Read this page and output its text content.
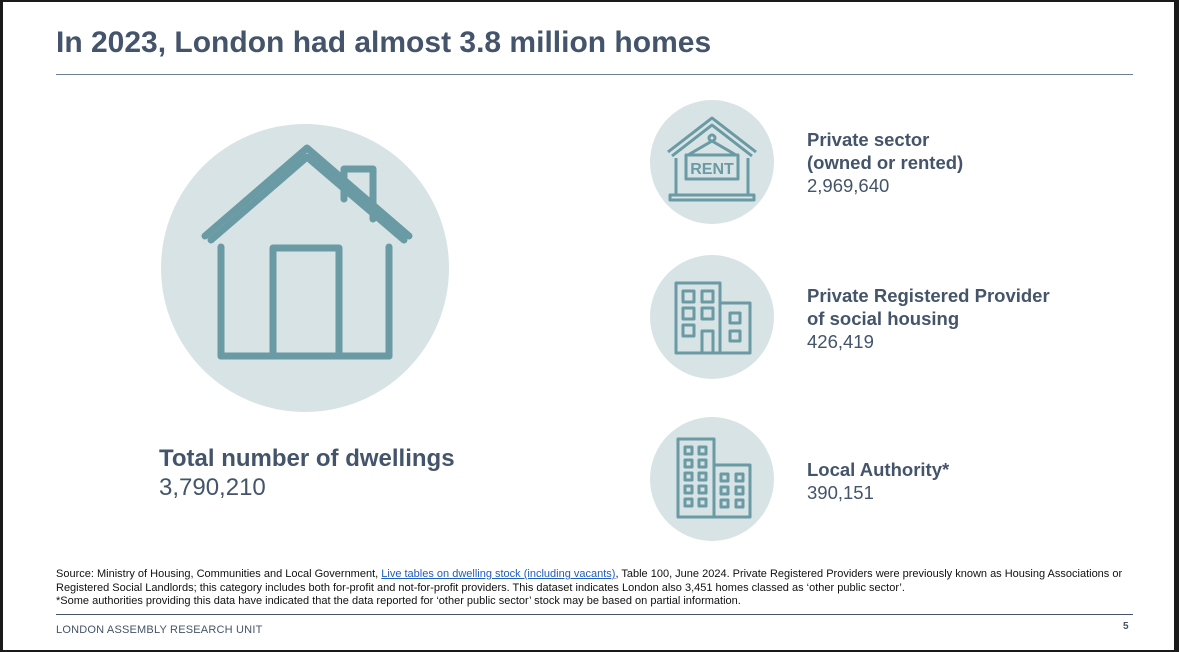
In 2023, London had almost 3.8 million homes
Total number of dwellings
3,790,210
RENT
Private sector
(owned or rented)
2,969,640
Private Registered Provider
of social housing
426,419
Local Authority*
390,151
Source: Ministry of Housing, Communities and Local Government, Live tables on dwelling stock (including vacants), Table 100, June 2024. Private Registered Providers were previously known as Housing Associations or Registered Social Landlords; this category includes both for-profit and not-for-profit providers. This dataset indicates London also 3,451 homes classed as ‘other public sector’.
*Some authorities providing this data have indicated that the data reported for ‘other public sector’ stock may be based on partial information.
LONDON ASSEMBLY RESEARCH UNIT	5
